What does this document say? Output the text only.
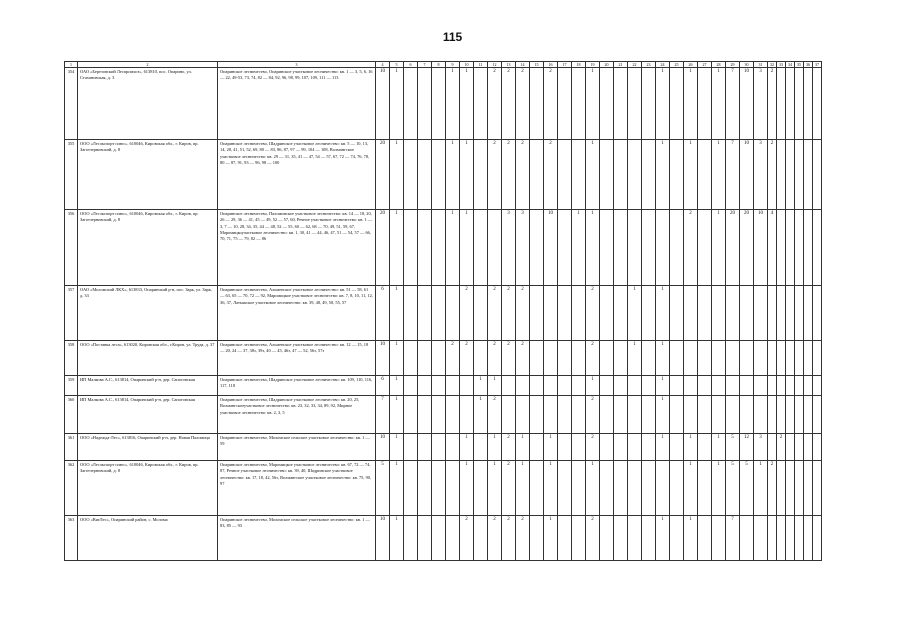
115
1	2	3	4	5	6	7	8	9	10	11	12	13	14	15	16	17	18	19	20	21	22	23	24	25	26	27	28	29	30	31	32	33	34	35	36	37
354	ОАО «Березовский Леспромхоз», 613810, пос. Опарино, ул. Стахановская, д. 3	Опаринское лесничество, Опаринское участковое лесничество: кв. 1 — 3, 5, 6, 16 — 22, 49-53, 73, 74, 82 — 84, 92, 96, 98, 99, 107, 109, 111 — 113	10	1				1	1		2	2	2		2			1					1		1		1	7	10	3	2					
355	ООО «Лесэкспорт плюс», 610046, Кировская обл., г. Киров, пр. Заготзерновский, д. 8	Опаринское лесничество, Шадринское участковое лесничество: кв. 5 — 10, 13, 14, 28, 41, 51, 52, 69, 80 — 83, 86, 87, 97 — 99, 104 — 108, Волмангское участковое лесничество: кв. 29 — 31, 35, 41 — 47, 54 — 57, 67, 72 — 74, 76, 78, 80 — 87, 91, 93 — 96, 98 — 100	20	1				1	1		2	2	2		2			1					1		1		1	7	10	3	2					
356	ООО «Лесэкспорт плюс», 610046, Кировская обл., г. Киров, пр. Заготзерновский, д. 8	Опаринское лесничество, Паломинское участковое лесничество: кв. 14 — 18, 20, 26 — 29, 36 — 41, 45 — 49, 52 — 57, 60, Речное участковое лесничество: кв. 1 — 3, 7 — 10, 28, 34, 35, 44 — 48, 52 — 55, 60 — 62, 68 — 70, 49, 51, 59, 67, Маромицкоучастковое лесничество: кв. 1, 30, 41 — 44, 46, 47, 51 — 54, 57 — 66, 70, 71, 75 — 79, 82 — 86	20	1				1	1			3	3		10		1	1							2		1	20	20	10	4					
357	ОАО «Моломский ЛКХ», 613833, Опаринский р-н, пос. Зарк, ул. Зарк, д. 33	Опаринское лесничество, Альменское участковое лесничество: кв. 51 — 58, 61 — 63, 65 — 70, 72 — 92, Маромицкое участковое лесничество: кв. 7, 8, 10, 11, 12, 36, 37, Латышское участковое лесничество: кв. 39, 48, 49, 50, 55, 57	6	1					2		2	2	2					2			1		1													
358	ООО «Поставка леса», 613020, Кировская обл., г.Киров, ул. Труда, д. 37	Опаринское лесничество, Альменское участковое лесничество: кв. 12 — 15, 18 — 20, 24 — 37, 38з, 39з, 40 — 45, 46з, 47 — 52, 56з, 57з	10	1				2	2		2	2	2					2			1		1													
359	ИП Малкова А.С., 613814, Опаринский р-н, дер. Сапоговская	Опаринское лесничество, Шадринское участковое лесничество: кв. 109, 110, 116, 117, 118	6	1						1	1							1					1													
360	ИП Малкова А.С., 613814, Опаринский р-н, дер. Сапоговская	Опаринское лесничество, Шадринское участковое лесничество: кв. 20, 25, Волмангскоеучастковое лесничество: кв. 23, 32, 33, 34, 89, 92, Мирное участковое лесничество: кв. 2, 3, 5	7	1						1	2							2					1													
361	ООО «Надежда-Лес», 613816, Опаринский р-н, дер. Новая Паломица	Опаринское лесничество, Моломское сельское участковое лесничество: кв. 1 — 59	10	1					1		1	2	1		1			2					1		1		1	5	12	3		2				
362	ООО «Лесэкспорт плюс», 610046, Кировская обл., г. Киров, пр. Заготзерновский, д. 8	Опаринское лесничество, Маромицкое участковое лесничество: кв. 67, 72 — 74, 87, Речное участковое лесничество: кв. 39, 40, Шадринское участковое лесничество: кв. 17, 18, 42, 56з, Волмангское участковое лесничество: кв. 75, 90, 97	5	1					1		1	2	1		1			1							1		1	5	5	1	2					
363	ООО «ВятЛес», Опаринский район, с. Молома	Опаринское лесничество, Моломское сельское участковое лесничество: кв. 1 — 83, 85 — 93	10	1					2		2	2	2		1			2					1		1			7								
